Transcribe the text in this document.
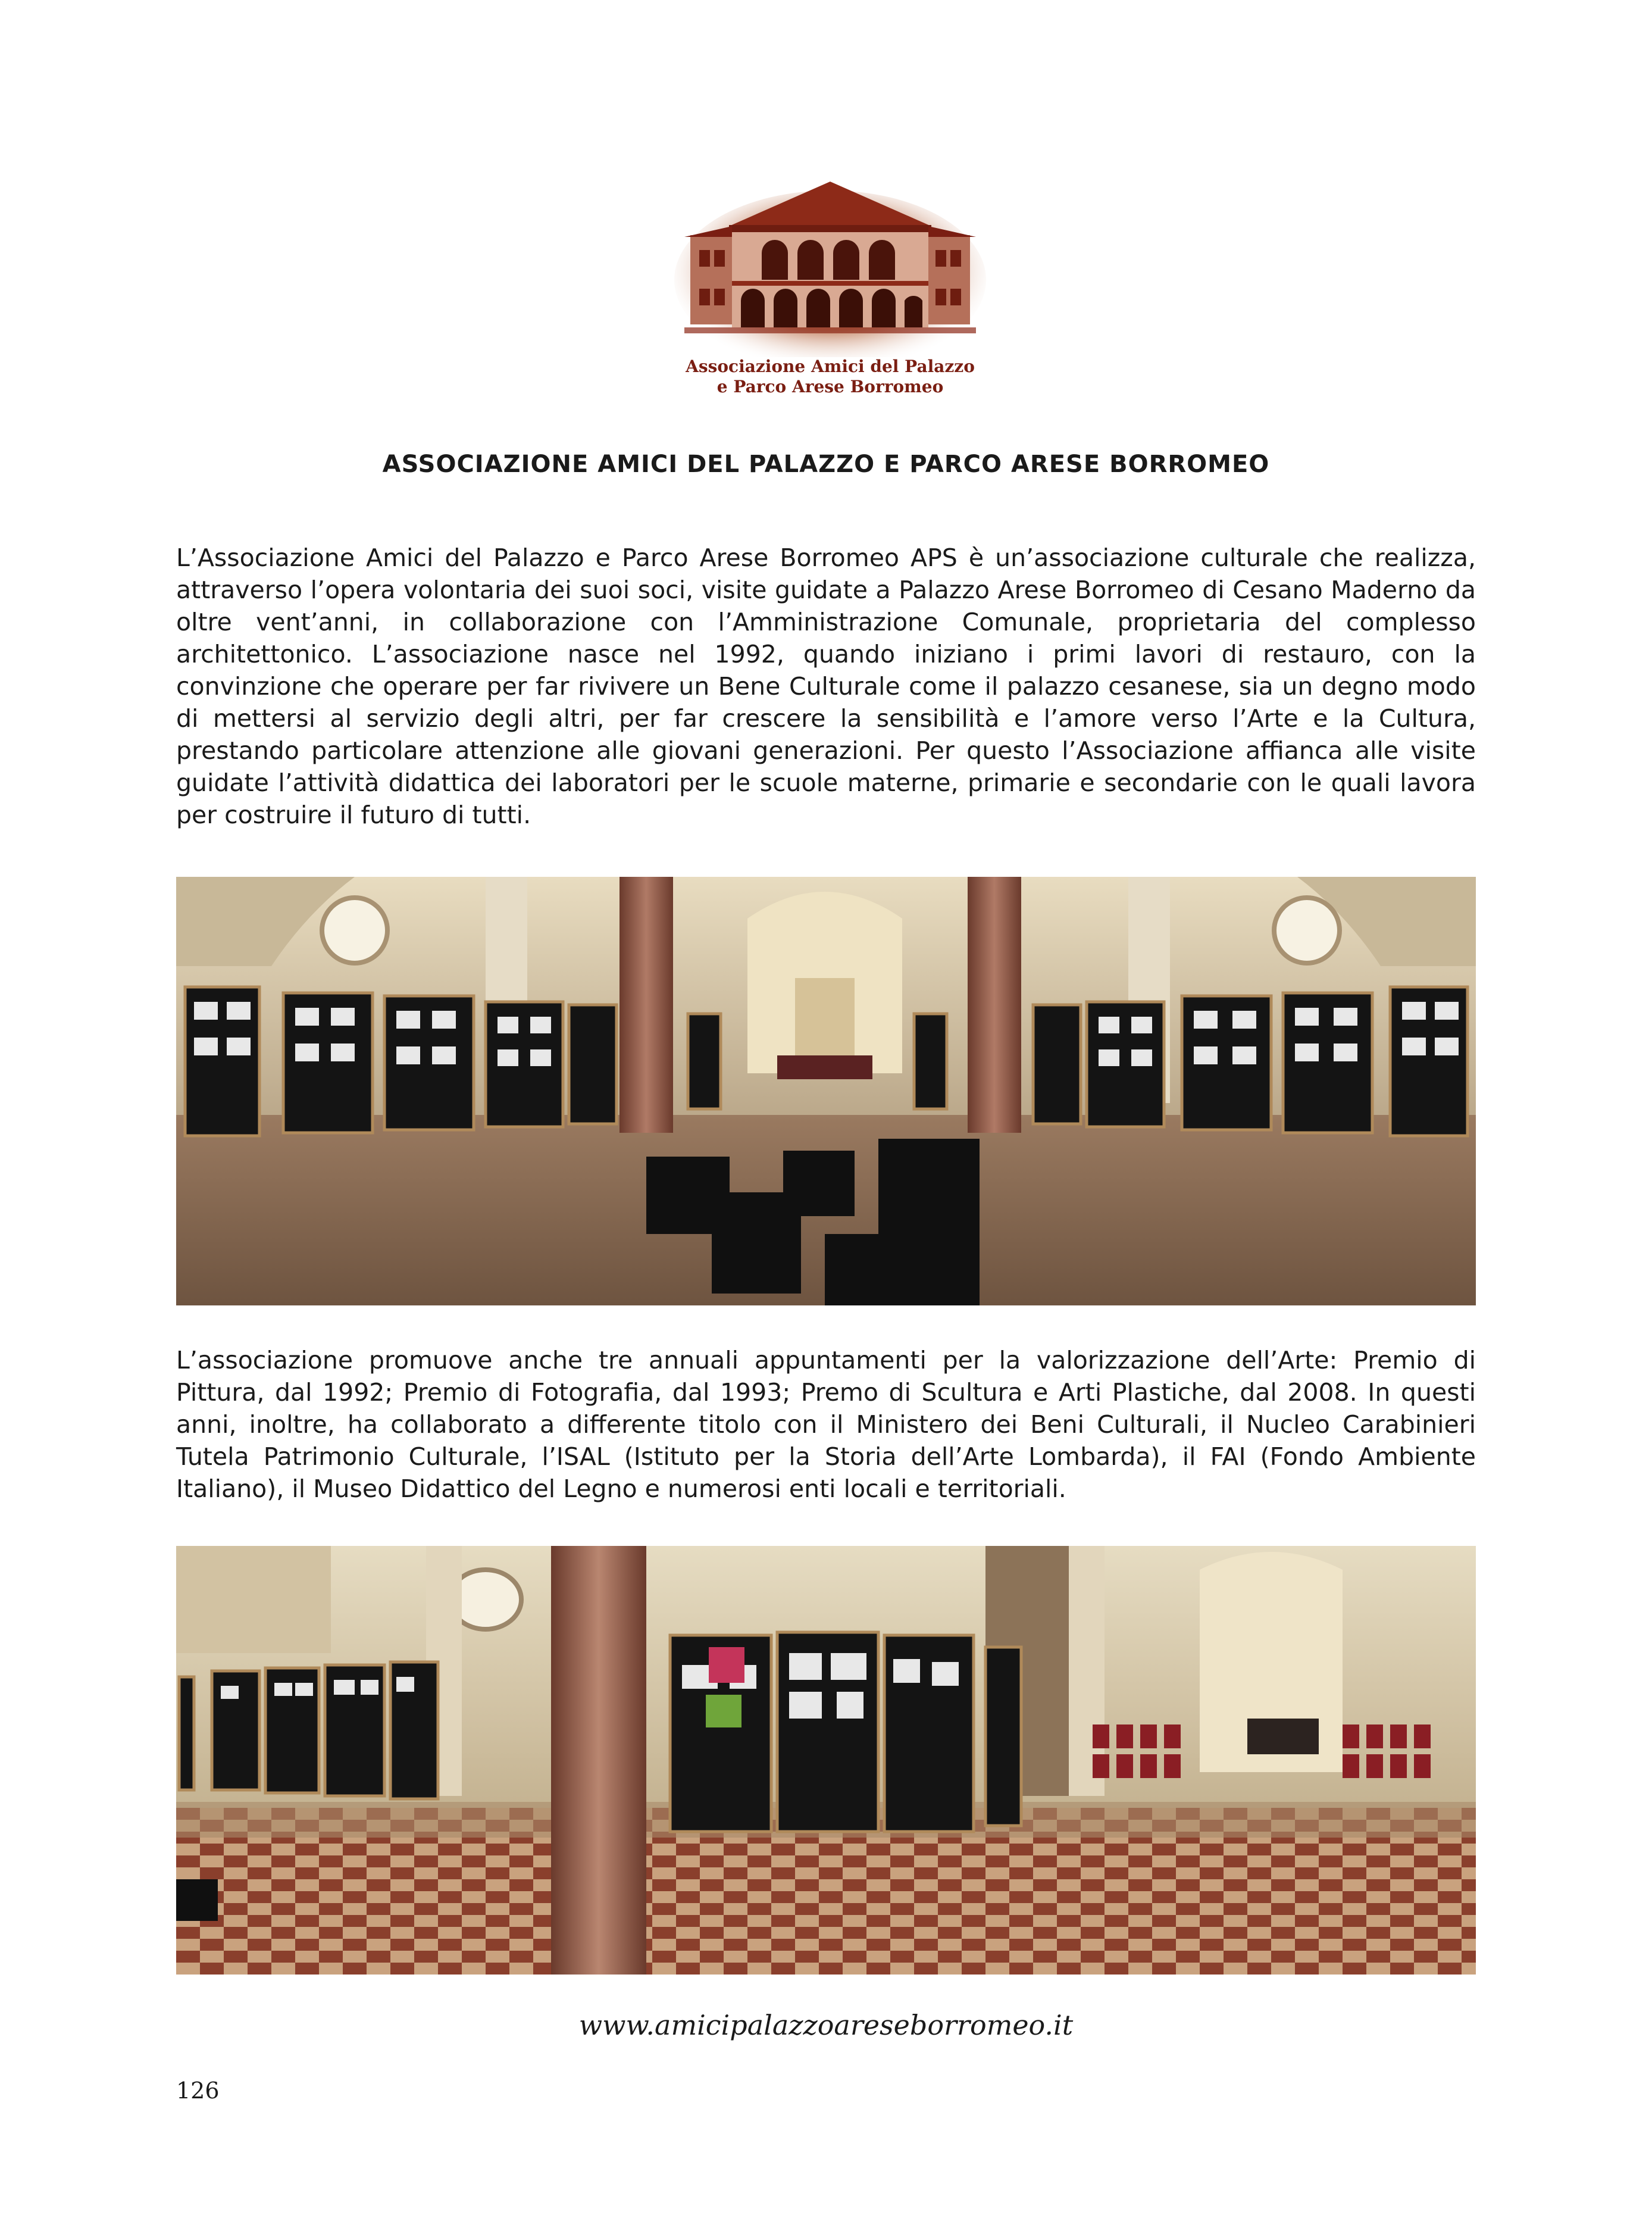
Associazione Amici del Palazzo
e Parco Arese Borromeo
ASSOCIAZIONE AMICI DEL PALAZZO E PARCO ARESE BORROMEO

L’Associazione Amici del Palazzo e Parco Arese Borromeo APS è un’associazione culturale che realizza, attraverso l’opera volontaria dei suoi soci, visite guidate a Palazzo Arese Borromeo di Cesano Maderno da oltre vent’anni, in collaborazione con l’Amministrazione Comunale, proprietaria del complesso architettonico. L’associazione nasce nel 1992, quando iniziano i primi lavori di restauro, con la convinzione che operare per far rivivere un Bene Culturale come il palazzo cesanese, sia un degno modo di mettersi al servizio degli altri, per far crescere la sensibilità e l’amore verso l’Arte e la Cultura, prestando particolare attenzione alle giovani generazioni. Per questo l’Associazione affianca alle visite guidate l’attività didattica dei laboratori per le scuole materne, primarie e secondarie con le quali lavora per costruire il futuro di tutti.

L’associazione promuove anche tre annuali appuntamenti per la valorizzazione dell’Arte: Premio di Pittura, dal 1992; Premio di Fotografia, dal 1993; Premo di Scultura e Arti Plastiche, dal 2008. In questi anni, inoltre, ha collaborato a differente titolo con il Ministero dei Beni Culturali, il Nucleo Carabinieri Tutela Patrimonio Culturale, l’ISAL (Istituto per la Storia dell’Arte Lombarda), il FAI (Fondo Ambiente Italiano), il Museo Didattico del Legno e numerosi enti locali e territoriali.

www.amicipalazzoareseborromeo.it
126
